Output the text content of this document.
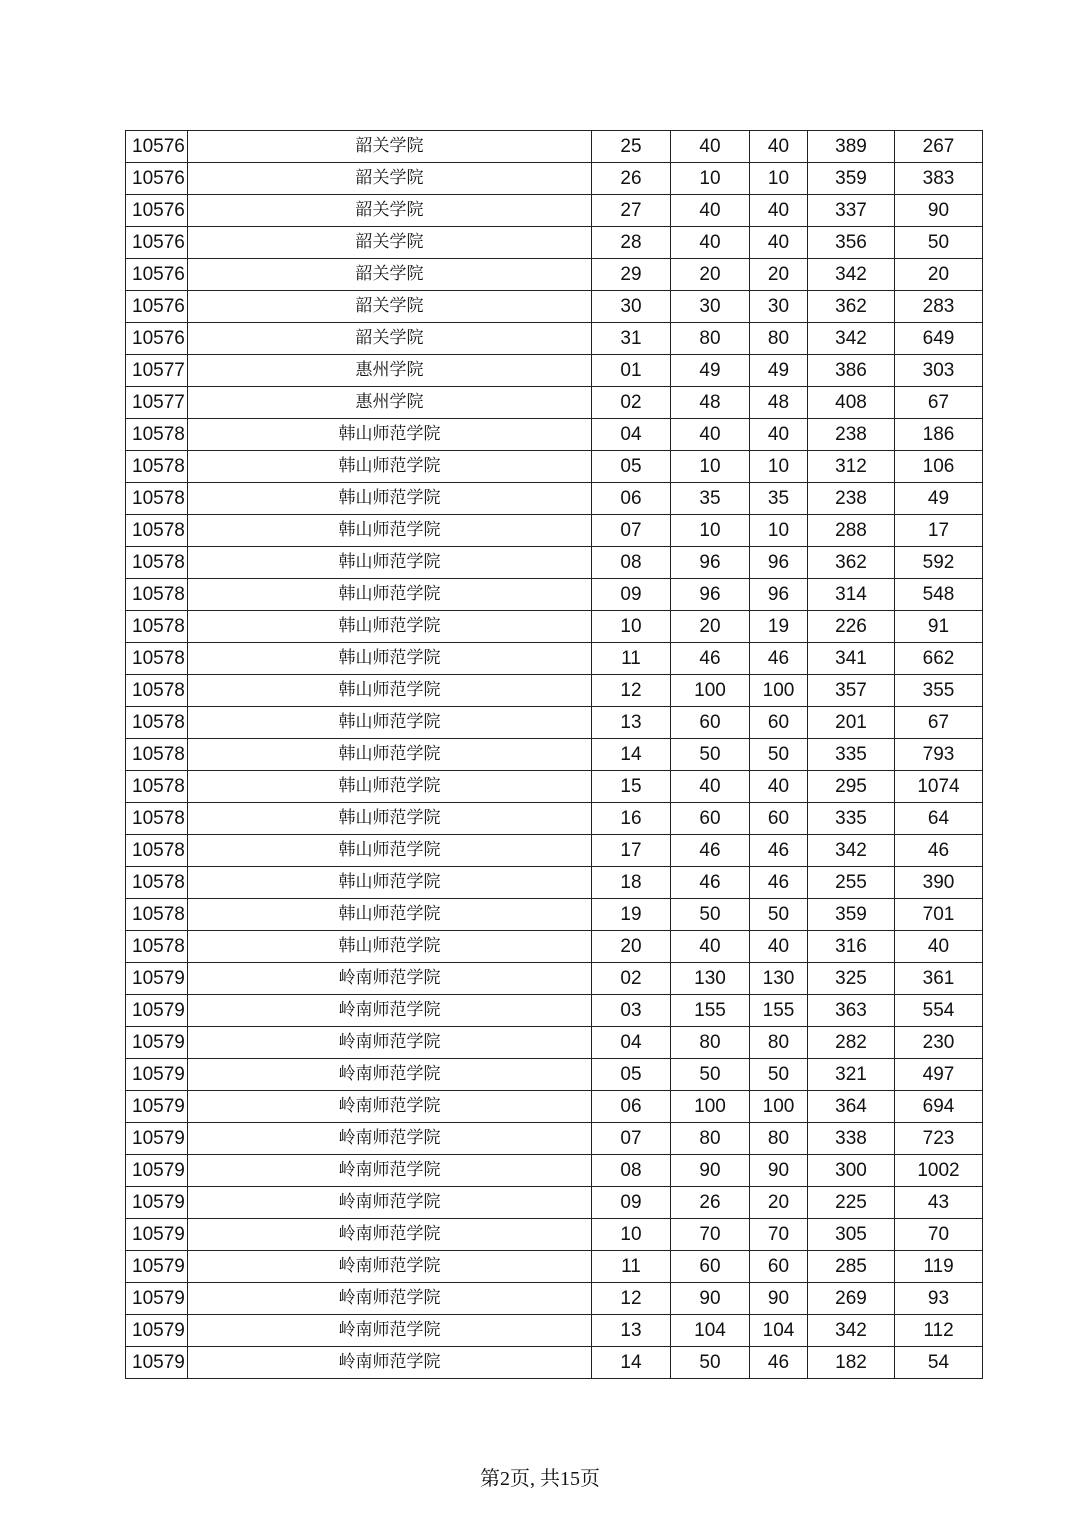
10576	韶关学院	25	40	40	389	267
10576	韶关学院	26	10	10	359	383
10576	韶关学院	27	40	40	337	90
10576	韶关学院	28	40	40	356	50
10576	韶关学院	29	20	20	342	20
10576	韶关学院	30	30	30	362	283
10576	韶关学院	31	80	80	342	649
10577	惠州学院	01	49	49	386	303
10577	惠州学院	02	48	48	408	67
10578	韩山师范学院	04	40	40	238	186
10578	韩山师范学院	05	10	10	312	106
10578	韩山师范学院	06	35	35	238	49
10578	韩山师范学院	07	10	10	288	17
10578	韩山师范学院	08	96	96	362	592
10578	韩山师范学院	09	96	96	314	548
10578	韩山师范学院	10	20	19	226	91
10578	韩山师范学院	11	46	46	341	662
10578	韩山师范学院	12	100	100	357	355
10578	韩山师范学院	13	60	60	201	67
10578	韩山师范学院	14	50	50	335	793
10578	韩山师范学院	15	40	40	295	1074
10578	韩山师范学院	16	60	60	335	64
10578	韩山师范学院	17	46	46	342	46
10578	韩山师范学院	18	46	46	255	390
10578	韩山师范学院	19	50	50	359	701
10578	韩山师范学院	20	40	40	316	40
10579	岭南师范学院	02	130	130	325	361
10579	岭南师范学院	03	155	155	363	554
10579	岭南师范学院	04	80	80	282	230
10579	岭南师范学院	05	50	50	321	497
10579	岭南师范学院	06	100	100	364	694
10579	岭南师范学院	07	80	80	338	723
10579	岭南师范学院	08	90	90	300	1002
10579	岭南师范学院	09	26	20	225	43
10579	岭南师范学院	10	70	70	305	70
10579	岭南师范学院	11	60	60	285	119
10579	岭南师范学院	12	90	90	269	93
10579	岭南师范学院	13	104	104	342	112
10579	岭南师范学院	14	50	46	182	54
第2页, 共15页
